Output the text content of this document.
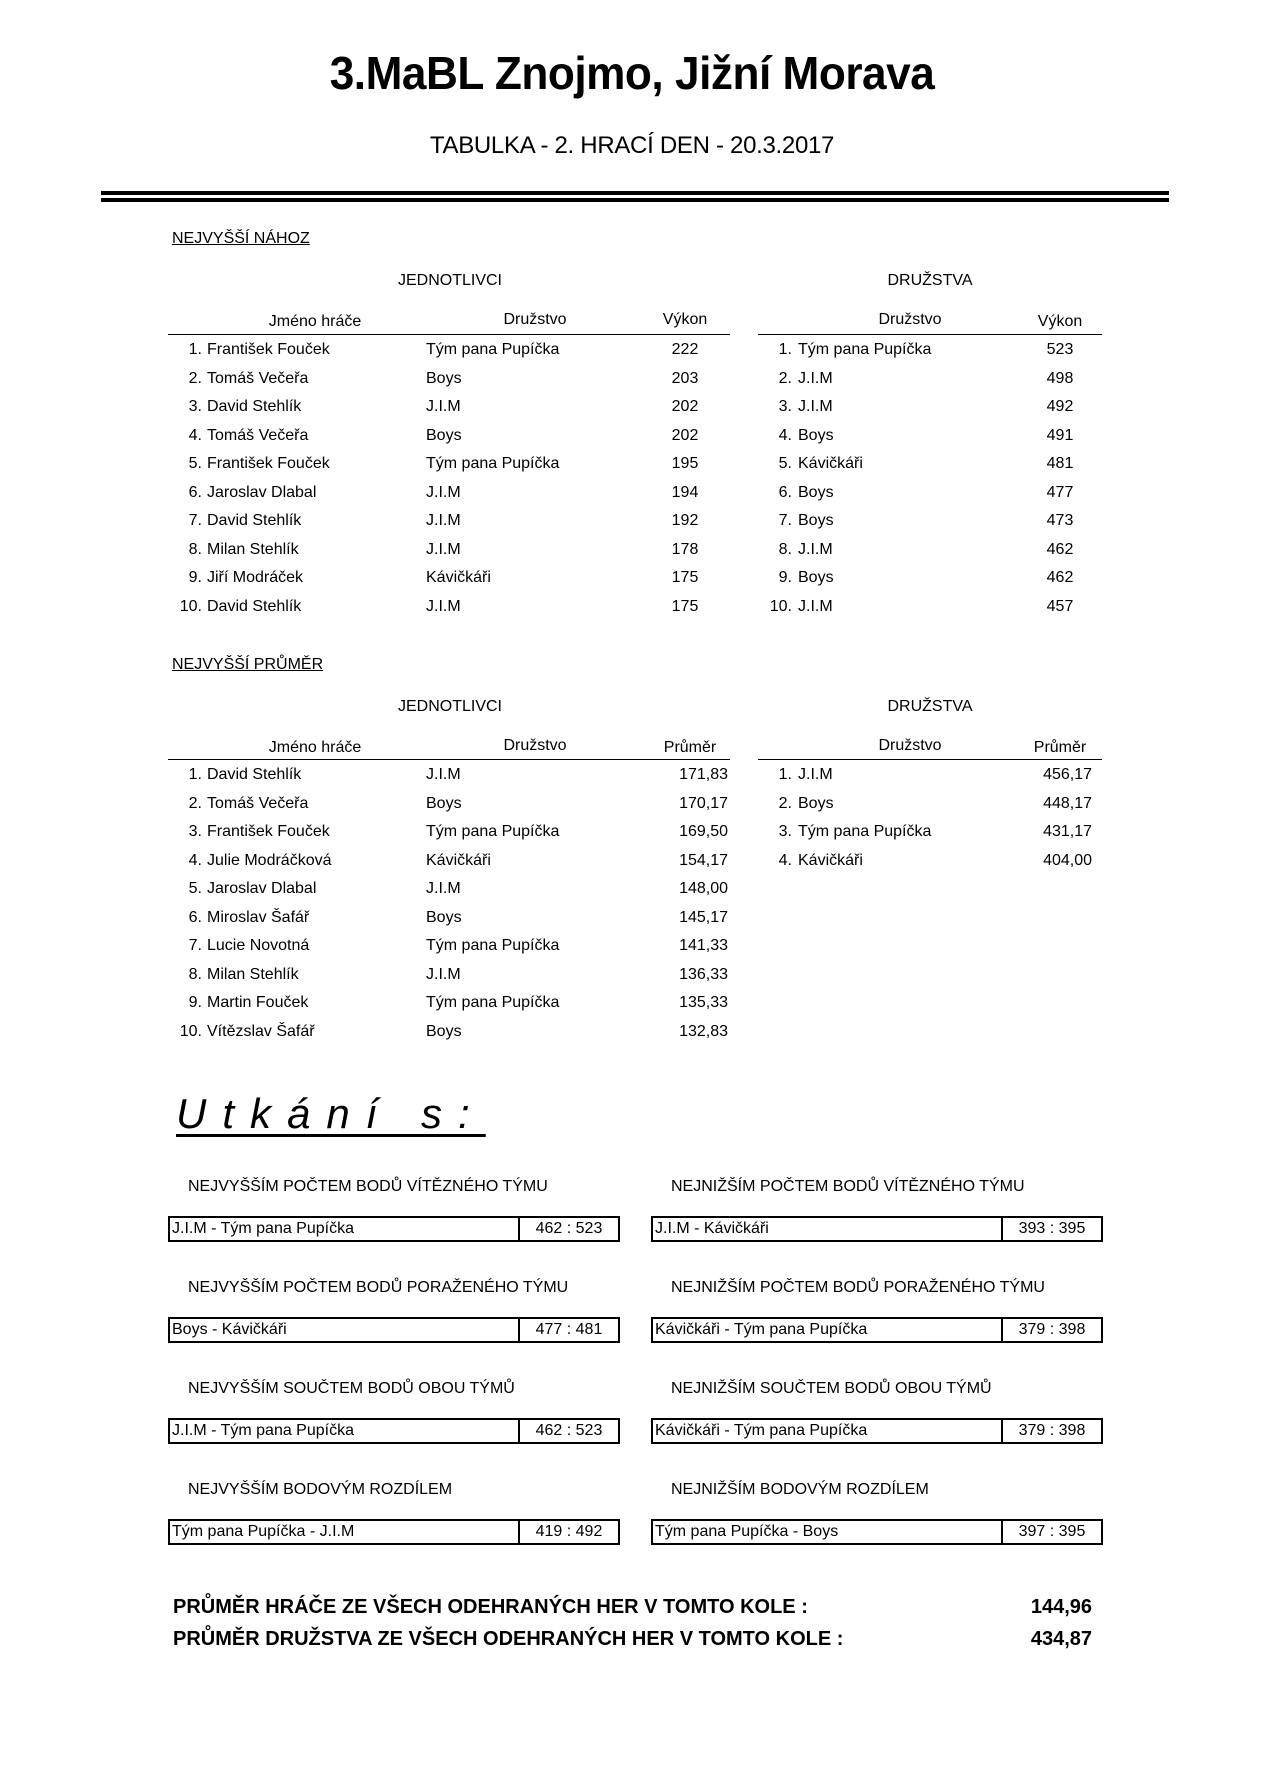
3.MaBL Znojmo, Jižní Morava
TABULKA - 2. HRACÍ DEN - 20.3.2017
NEJVYŠŠÍ NÁHOZ
JEDNOTLIVCI	DRUŽSTVA
Jméno hráče	Družstvo	Výkon	Družstvo	Výkon
1. František Fouček	Tým pana Pupíčka	222
2. Tomáš Večeřa	Boys	203
3. David Stehlík	J.I.M	202
4. Tomáš Večeřa	Boys	202
5. František Fouček	Tým pana Pupíčka	195
6. Jaroslav Dlabal	J.I.M	194
7. David Stehlík	J.I.M	192
8. Milan Stehlík	J.I.M	178
9. Jiří Modráček	Kávičkáři	175
10. David Stehlík	J.I.M	175
1. Tým pana Pupíčka	523
2. J.I.M	498
3. J.I.M	492
4. Boys	491
5. Kávičkáři	481
6. Boys	477
7. Boys	473
8. J.I.M	462
9. Boys	462
10. J.I.M	457
NEJVYŠŠÍ PRŮMĚR
JEDNOTLIVCI	DRUŽSTVA
Jméno hráče	Družstvo	Průměr	Družstvo	Průměr
1. David Stehlík	J.I.M	171,83
2. Tomáš Večeřa	Boys	170,17
3. František Fouček	Tým pana Pupíčka	169,50
4. Julie Modráčková	Kávičkáři	154,17
5. Jaroslav Dlabal	J.I.M	148,00
6. Miroslav Šafář	Boys	145,17
7. Lucie Novotná	Tým pana Pupíčka	141,33
8. Milan Stehlík	J.I.M	136,33
9. Martin Fouček	Tým pana Pupíčka	135,33
10. Vítězslav Šafář	Boys	132,83
1. J.I.M	456,17
2. Boys	448,17
3. Tým pana Pupíčka	431,17
4. Kávičkáři	404,00
Utkání s:
NEJVYŠŠÍM POČTEM BODŮ VÍTĚZNÉHO TÝMU
J.I.M - Tým pana Pupíčka	462 : 523
NEJNIŽŠÍM POČTEM BODŮ VÍTĚZNÉHO TÝMU
J.I.M - Kávičkáři	393 : 395
NEJVYŠŠÍM POČTEM BODŮ PORAŽENÉHO TÝMU
Boys - Kávičkáři	477 : 481
NEJNIŽŠÍM POČTEM BODŮ PORAŽENÉHO TÝMU
Kávičkáři - Tým pana Pupíčka	379 : 398
NEJVYŠŠÍM SOUČTEM BODŮ OBOU TÝMŮ
J.I.M - Tým pana Pupíčka	462 : 523
NEJNIŽŠÍM SOUČTEM BODŮ OBOU TÝMŮ
Kávičkáři - Tým pana Pupíčka	379 : 398
NEJVYŠŠÍM BODOVÝM ROZDÍLEM
Tým pana Pupíčka - J.I.M	419 : 492
NEJNIŽŠÍM BODOVÝM ROZDÍLEM
Tým pana Pupíčka - Boys	397 : 395
PRŮMĚR HRÁČE ZE VŠECH ODEHRANÝCH HER V TOMTO KOLE :	144,96
PRŮMĚR DRUŽSTVA ZE VŠECH ODEHRANÝCH HER V TOMTO KOLE :	434,87
